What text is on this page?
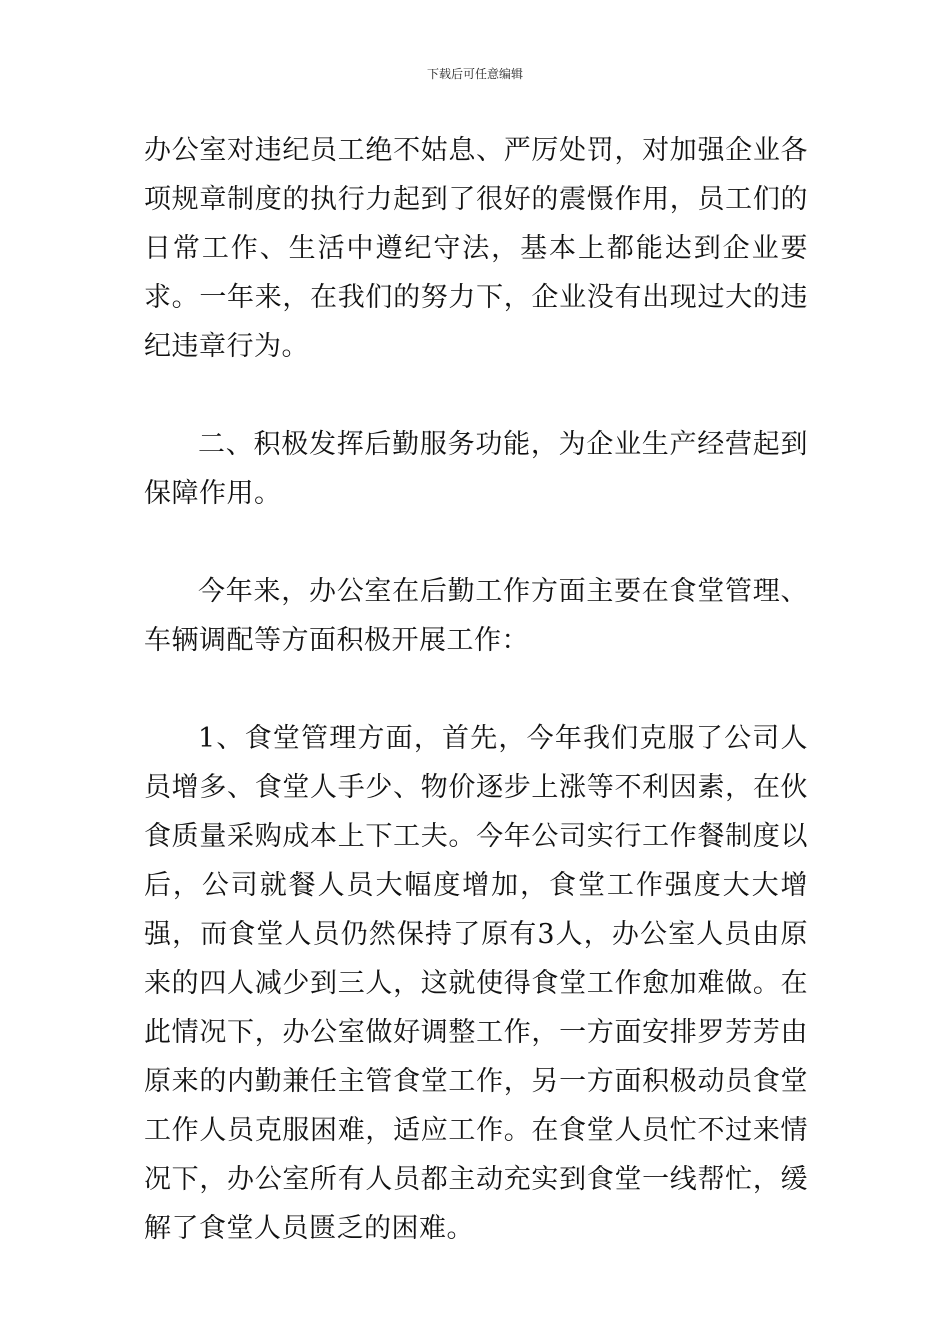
下载后可任意编辑

办公室对违纪员工绝不姑息、严厉处罚，对加强企业各项规章制度的执行力起到了很好的震慑作用，员工们的日常工作、生活中遵纪守法，基本上都能达到企业要求。一年来，在我们的努力下，企业没有出现过大的违纪违章行为。

二、积极发挥后勤服务功能，为企业生产经营起到保障作用。

今年来，办公室在后勤工作方面主要在食堂管理、车辆调配等方面积极开展工作：

1、食堂管理方面，首先，今年我们克服了公司人员增多、食堂人手少、物价逐步上涨等不利因素，在伙食质量采购成本上下工夫。今年公司实行工作餐制度以后，公司就餐人员大幅度增加，食堂工作强度大大增强，而食堂人员仍然保持了原有3人，办公室人员由原来的四人减少到三人，这就使得食堂工作愈加难做。在此情况下，办公室做好调整工作，一方面安排罗芳芳由原来的内勤兼任主管食堂工作，另一方面积极动员食堂工作人员克服困难，适应工作。在食堂人员忙不过来情况下，办公室所有人员都主动充实到食堂一线帮忙，缓解了食堂人员匮乏的困难。
